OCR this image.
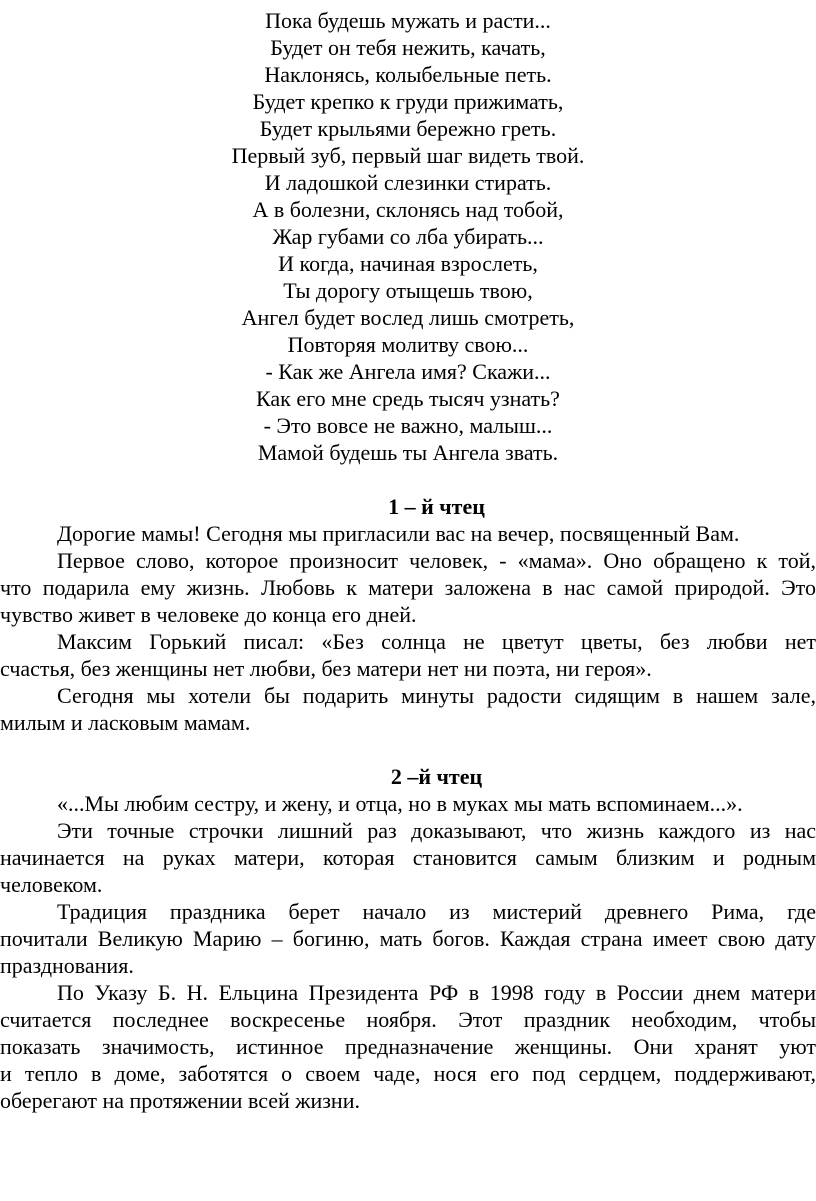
Пока будешь мужать и расти...
Будет он тебя нежить, качать,
Наклонясь, колыбельные петь.
Будет крепко к груди прижимать,
Будет крыльями бережно греть.
Первый зуб, первый шаг видеть твой.
И ладошкой слезинки стирать.
А в болезни, склонясь над тобой,
Жар губами со лба убирать...
И когда, начиная взрослеть,
Ты дорогу отыщешь твою,
Ангел будет вослед лишь смотреть,
Повторяя молитву свою...
- Как же Ангела имя? Скажи...
Как его мне средь тысяч узнать?
- Это вовсе не важно, малыш...
Мамой будешь ты Ангела звать.
1 – й чтец
Дорогие мамы! Сегодня мы пригласили вас на вечер, посвященный Вам.
Первое слово, которое произносит человек, - «мама». Оно обращено к той,
что подарила ему жизнь. Любовь к матери заложена в нас самой природой. Это
чувство живет в человеке до конца его дней.
Максим Горький писал: «Без солнца не цветут цветы, без любви нет
счастья, без женщины нет любви, без матери нет ни поэта, ни героя».
Сегодня мы хотели бы подарить минуты радости сидящим в нашем зале,
милым и ласковым мамам.
2 –й чтец
«...Мы любим сестру, и жену, и отца, но в муках мы мать вспоминаем...».
Эти точные строчки лишний раз доказывают, что жизнь каждого из нас
начинается на руках матери, которая становится самым близким и родным
человеком.
Традиция праздника берет начало из мистерий древнего Рима, где
почитали Великую Марию – богиню, мать богов. Каждая страна имеет свою дату
празднования.
По Указу Б. Н. Ельцина Президента РФ в 1998 году в России днем матери
считается последнее воскресенье ноября. Этот праздник необходим, чтобы
показать значимость, истинное предназначение женщины. Они хранят уют
и тепло в доме, заботятся о своем чаде, нося его под сердцем, поддерживают,
оберегают на протяжении всей жизни.
